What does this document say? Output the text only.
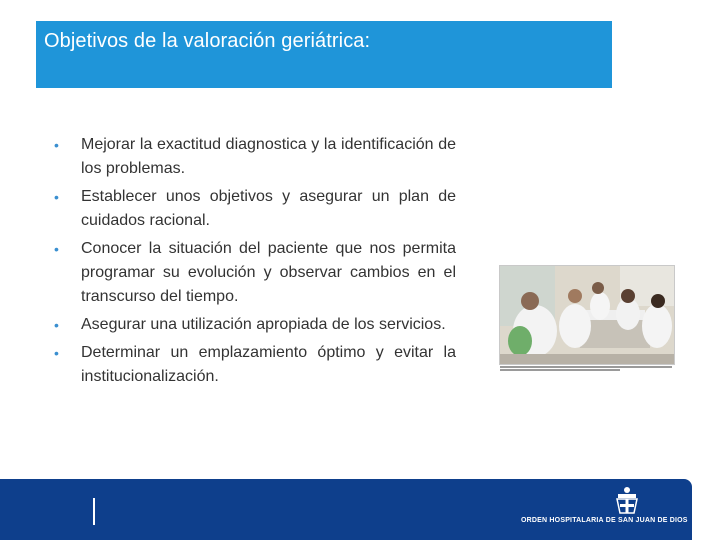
Objetivos de la valoración geriátrica:
• Mejorar la exactitud diagnostica y la identificación de los problemas.
• Establecer unos objetivos y asegurar un plan de cuidados racional.
• Conocer la situación del paciente que nos permita programar su evolución y observar cambios en el transcurso del tiempo.
• Asegurar una utilización apropiada de los servicios.
• Determinar un emplazamiento óptimo y evitar la institucionalización.
ORDEN HOSPITALARIA DE SAN JUAN DE DIOS
